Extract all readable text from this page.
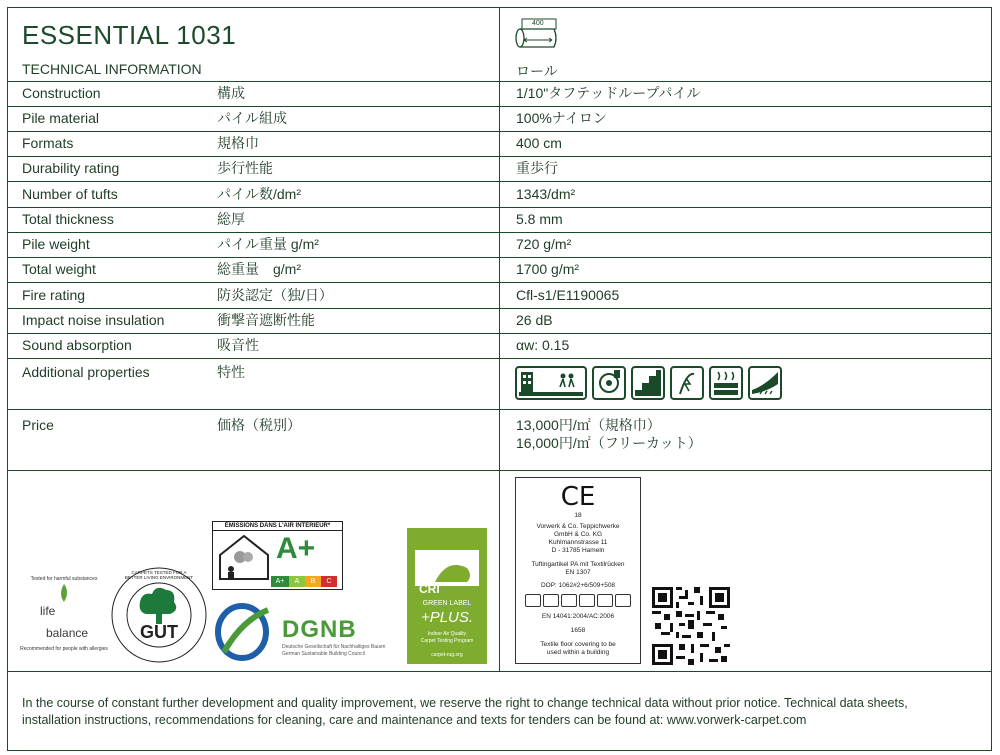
ESSENTIAL 1031
TECHNICAL INFORMATION
400
ロール
Construction	構成	1/10"タフテッドループパイル
Pile material	パイル組成	100%ナイロン
Formats	規格巾	400 cm
Durability rating	歩行性能	重歩行
Number of tufts	パイル数/dm²	1343/dm²
Total thickness	総厚	5.8 mm
Pile weight	パイル重量 g/m²	720 g/m²
Total weight	総重量　g/m²	1700 g/m²
Fire rating	防炎認定（独/日）	Cfl-s1/E1190065
Impact noise insulation	衝撃音遮断性能	26 dB
Sound absorption	吸音性	αw: 0.15
Additional properties	特性
Price	価格（税別）	13,000円/㎡（規格巾）
16,000円/㎡（フリーカット）
life
balance
Tested for harmful substances
Recommended for people with allergies
GUT
CARPETS TESTED FOR A BETTER LIVING ENVIRONMENT
ÉMISSIONS DANS L'AIR INTÉRIEUR*
A+
A+	A	B	C
DGNB
Deutsche Gesellschaft für Nachhaltiges Bauen
German Sustainable Building Council
CRI
GREEN LABEL
+PLUS.
Indoor Air Quality
Carpet Testing Program
carpet-rug.org
CE
18
Vorwerk & Co. Teppichwerke
GmbH & Co. KG
Kuhlmannstrasse 11
D - 31785 Hameln
Tuftingartikel PA mit Textilrücken
EN 1307
DOP: 1062#2+6/509+508
EN 14041:2004/AC:2006
1658
Textile floor covering to be
used within a building
In the course of constant further development and quality improvement, we reserve the right to change technical data without prior notice. Technical data sheets,
installation instructions, recommendations for cleaning, care and maintenance and texts for tenders can be found at: www.vorwerk-carpet.com
